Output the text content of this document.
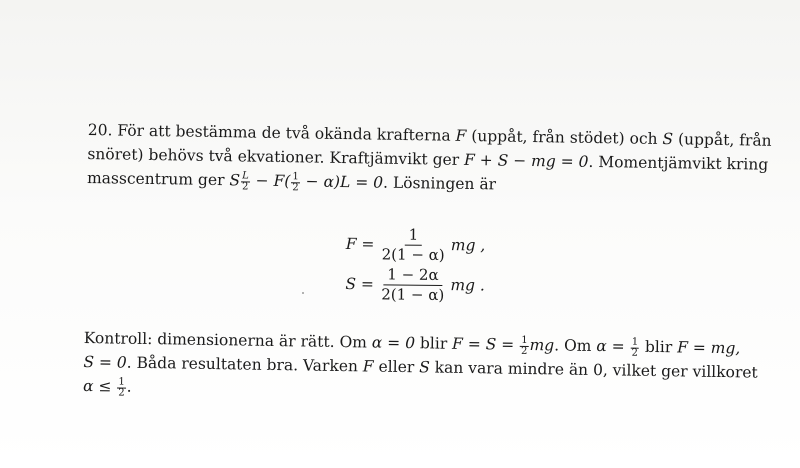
20. För att bestämma de två okända krafterna F (uppåt, från stödet) och S (uppåt, från
snöret) behövs två ekvationer. Kraftjämvikt ger F + S − mg = 0. Momentjämvikt kring
masscentrum ger S $\frac{L}{2} - F( \frac{1}{2} - \alpha)L = 0$. Lösningen är
$F = \frac{1}{2(1 - \alpha)}$ mg ,
$S = \frac{1 - 2\alpha}{2(1 - \alpha)}$ mg .
Kontroll: dimensionerna är rätt. Om α = 0 blir $F = S = \frac{1}{2}$ mg. Om $\alpha = \frac{1}{2}$ blir F = mg,
S = 0. Båda resultaten bra. Varken F eller S kan vara mindre än 0, vilket ger villkoret
$\alpha \le \frac{1}{2}$ .
